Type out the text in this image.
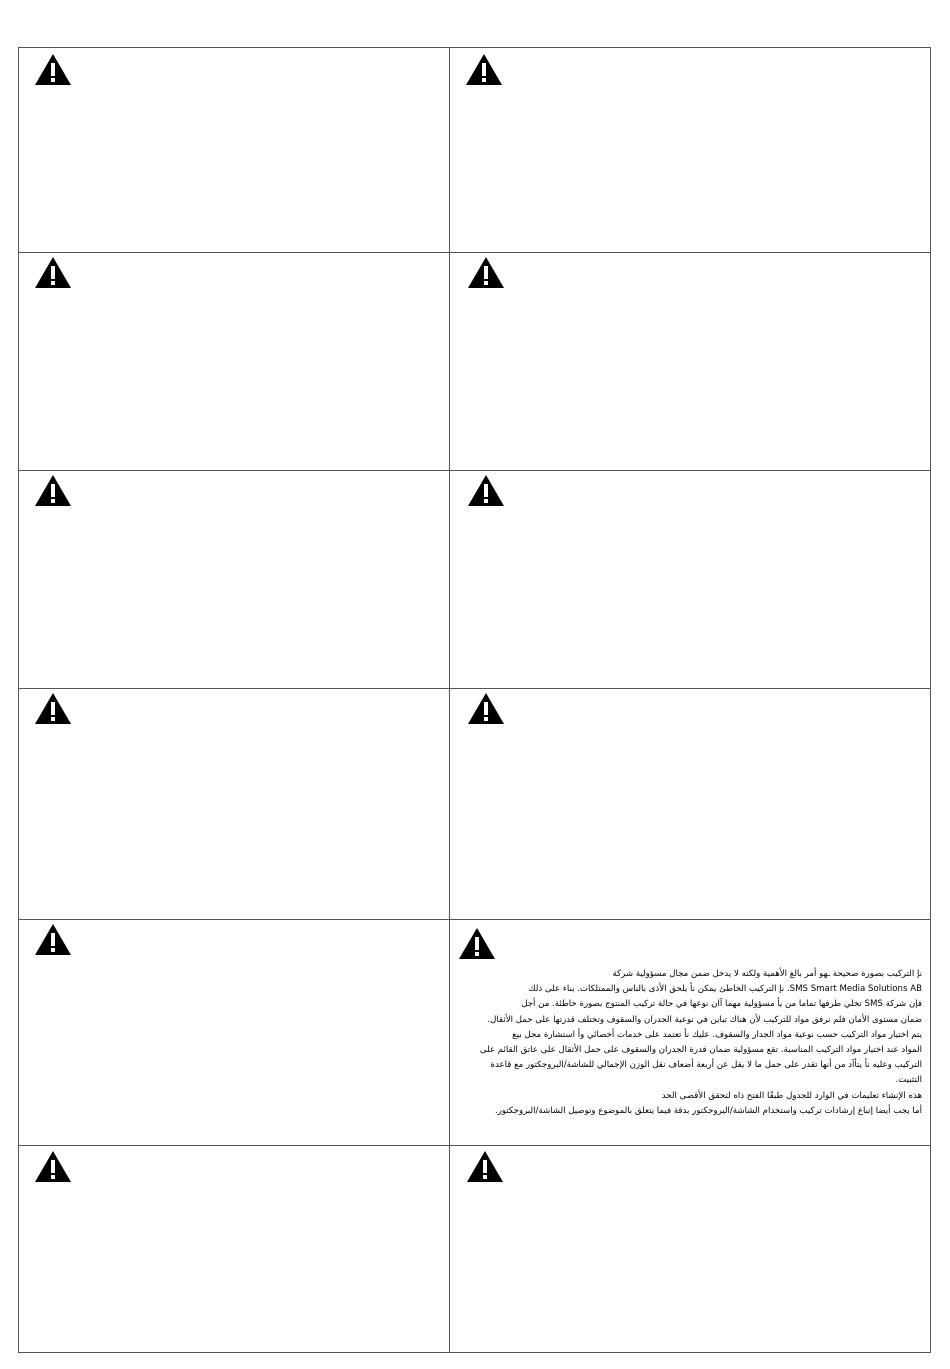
نإ التركيب بصورة صحيحة ـهو أمر بالغ الأهمية ولكنه لا يدخل ضمن مجال مسؤولية شركة

SMS Smart Media Solutions AB. نإ التركيب الخاطئ يمكن نأ يلحق الأذى بالناس والممتلكات. بناء على ذلك

فإن شركة SMS تخلي طرفها تماما من يأ مسؤولية مهما آان نوعها في حالة تركيب المنتوج بصورة خاطئة. من أجل

ضمان مستوى الأمان فلم نرفق مواد للتركيب لأن هناك تباين في نوعية الجدران والسقوف وتختلف قدرتها على حمل الأثقال.

يتم اختيار مواد التركيب حسب نوعية مواد الجدار والسقوف. عليك نأ تعتمد على خدمات أخصائي وأ استشارة محل بيع

المواد عند اختيار مواد التركيب المناسبة. تقع مسؤولية ضمان قدرة الجدران والسقوف على حمل الأثقال على عاتق القائم على

التركيب وعليه نأ يتأآد من أنها تقدر على حمل ما لا يقل عن أربعة أضعاف نقل الوزن الإجمالي للشاشة/البروجكتور مع قاعدة

التثبيت.

هذه الإنشاء تعليمات في الوارد للجدول طبقًا الفتح ذاه لتحقق الأقصى الحد

أما يجب أيضا إتباع إرشادات تركيب واستخدام الشاشة/البروجكتور بدقة فيما يتعلق بالموضوع وتوصيل الشاشة/البروجكتور.
